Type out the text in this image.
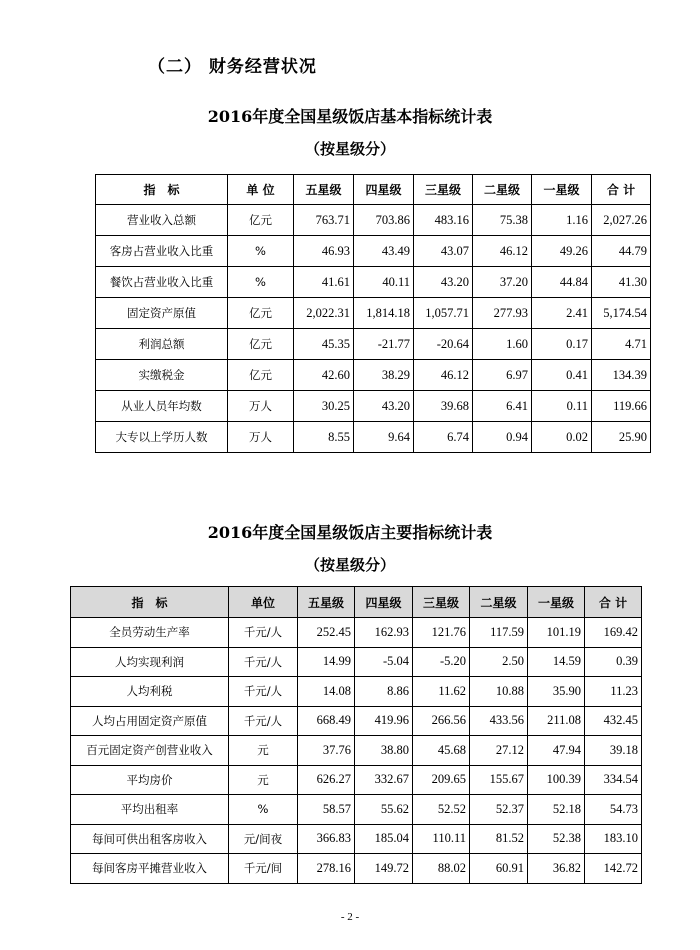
（二） 财务经营状况
2016年度全国星级饭店基本指标统计表
（按星级分）
指　标	单 位	五星级	四星级	三星级	二星级	一星级	合 计
营业收入总额	亿元	763.71	703.86	483.16	75.38	1.16	2,027.26
客房占营业收入比重	%	46.93	43.49	43.07	46.12	49.26	44.79
餐饮占营业收入比重	%	41.61	40.11	43.20	37.20	44.84	41.30
固定资产原值	亿元	2,022.31	1,814.18	1,057.71	277.93	2.41	5,174.54
利润总额	亿元	45.35	-21.77	-20.64	1.60	0.17	4.71
实缴税金	亿元	42.60	38.29	46.12	6.97	0.41	134.39
从业人员年均数	万人	30.25	43.20	39.68	6.41	0.11	119.66
大专以上学历人数	万人	8.55	9.64	6.74	0.94	0.02	25.90
2016年度全国星级饭店主要指标统计表
（按星级分）
指　标	单位	五星级	四星级	三星级	二星级	一星级	合 计
全员劳动生产率	千元/人	252.45	162.93	121.76	117.59	101.19	169.42
人均实现利润	千元/人	14.99	-5.04	-5.20	2.50	14.59	0.39
人均利税	千元/人	14.08	8.86	11.62	10.88	35.90	11.23
人均占用固定资产原值	千元/人	668.49	419.96	266.56	433.56	211.08	432.45
百元固定资产创营业收入	元	37.76	38.80	45.68	27.12	47.94	39.18
平均房价	元	626.27	332.67	209.65	155.67	100.39	334.54
平均出租率	%	58.57	55.62	52.52	52.37	52.18	54.73
每间可供出租客房收入	元/间夜	366.83	185.04	110.11	81.52	52.38	183.10
每间客房平摊营业收入	千元/间	278.16	149.72	88.02	60.91	36.82	142.72
- 2 -
